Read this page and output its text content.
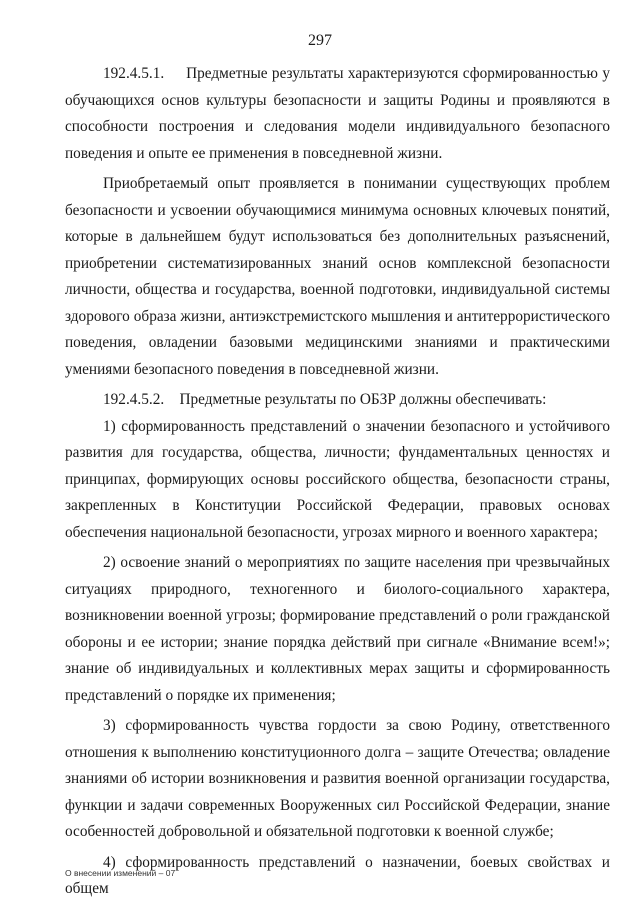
297

192.4.5.1.     Предметные результаты характеризуются сформированностью у обучающихся основ культуры безопасности и защиты Родины и проявляются в способности построения и следования модели индивидуального безопасного поведения и опыте ее применения в повседневной жизни.

Приобретаемый опыт проявляется в понимании существующих проблем безопасности и усвоении обучающимися минимума основных ключевых понятий, которые в дальнейшем будут использоваться без дополнительных разъяснений, приобретении систематизированных знаний основ комплексной безопасности личности, общества и государства, военной подготовки, индивидуальной системы здорового образа жизни, антиэкстремистского мышления и антитеррористического поведения, овладении базовыми медицинскими знаниями и практическими умениями безопасного поведения в повседневной жизни.

192.4.5.2.    Предметные результаты по ОБЗР должны обеспечивать:

1) сформированность представлений о значении безопасного и устойчивого развития для государства, общества, личности; фундаментальных ценностях и принципах, формирующих основы российского общества, безопасности страны, закрепленных в Конституции Российской Федерации, правовых основах обеспечения национальной безопасности, угрозах мирного и военного характера;

2) освоение знаний о мероприятиях по защите населения при чрезвычайных ситуациях природного, техногенного и биолого-социального характера, возникновении военной угрозы; формирование представлений о роли гражданской обороны и ее истории; знание порядка действий при сигнале «Внимание всем!»; знание об индивидуальных и коллективных мерах защиты и сформированность представлений о порядке их применения;

3) сформированность чувства гордости за свою Родину, ответственного отношения к выполнению конституционного долга – защите Отечества; овладение знаниями об истории возникновения и развития военной организации государства, функции и задачи современных Вооруженных сил Российской Федерации, знание особенностей добровольной и обязательной подготовки к военной службе;

4) сформированность представлений о назначении, боевых свойствах и общем

О внесении изменений – 07
